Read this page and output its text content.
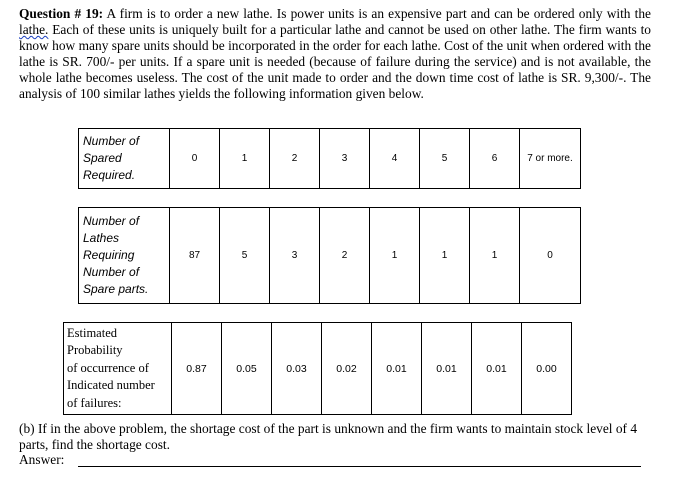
Question # 19: A firm is to order a new lathe. Is power units is an expensive part and can be ordered only with the lathe. Each of these units is uniquely built for a particular lathe and cannot be used on other lathe. The firm wants to know how many spare units should be incorporated in the order for each lathe. Cost of the unit when ordered with the lathe is SR. 700/- per units. If a spare unit is needed (because of failure during the service) and is not available, the whole lathe becomes useless. The cost of the unit made to order and the down time cost of lathe is SR. 9,300/-. The analysis of 100 similar lathes yields the following information given below.
Number of
Spared
Required.
	0	1	2	3	4	5	6	7 or more.
Number of
Lathes
Requiring
Number of
Spare parts.
	87	5	3	2	1	1	1	0
Estimated
Probability
of occurrence of
Indicated number
of failures:
	0.87	0.05	0.03	0.02	0.01	0.01	0.01	0.00
(b) If in the above problem, the shortage cost of the part is unknown and the firm wants to maintain stock level of 4 parts, find the shortage cost.
Answer:
